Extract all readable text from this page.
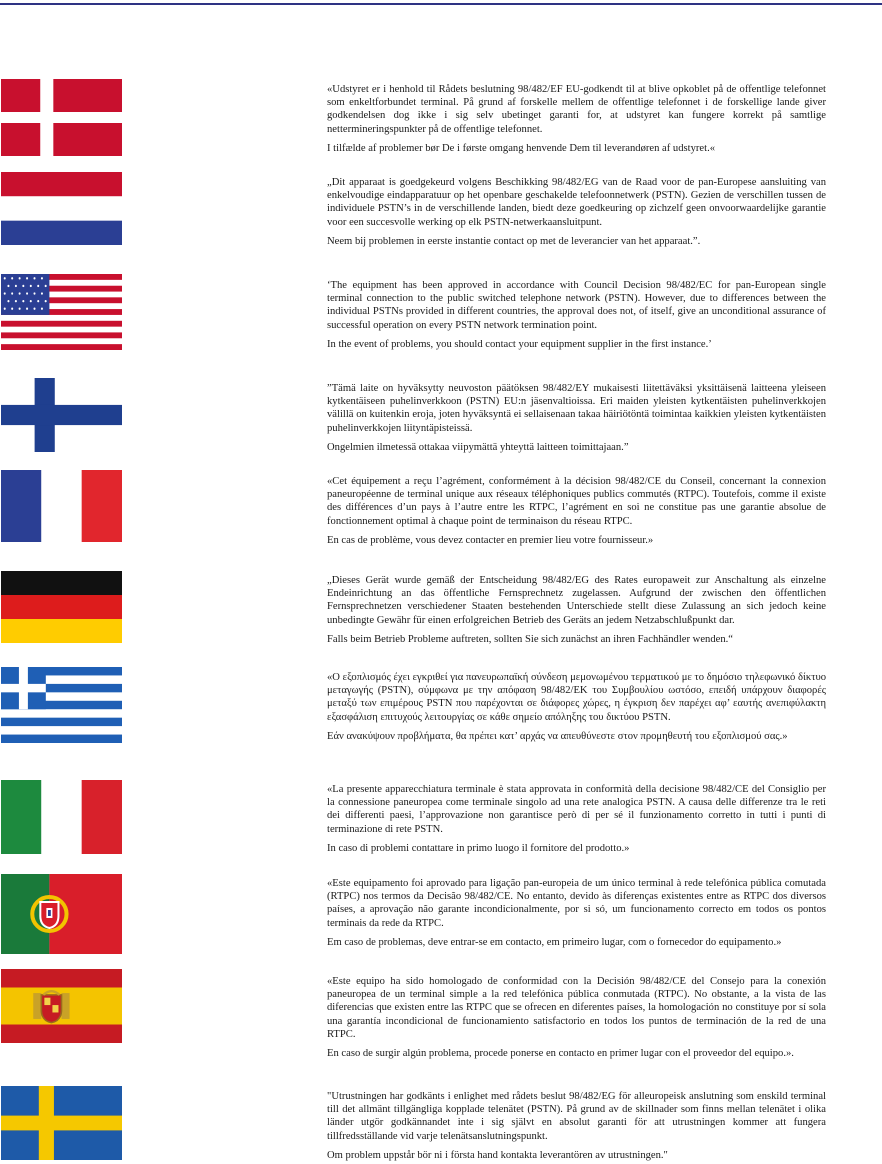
«Udstyret er i henhold til Rådets beslutning 98/482/EF EU-godkendt til at blive opkoblet på de offentlige telefonnet som enkeltforbundet terminal. På grund af forskelle mellem de offentlige telefonnet i de forskellige lande giver godkendelsen dog ikke i sig selv ubetinget garanti for, at udstyret kan fungere korrekt på samtlige nettermineringspunkter på de offentlige telefonnet.

I tilfælde af problemer bør De i første omgang henvende Dem til leverandøren af udstyret.«

„Dit apparaat is goedgekeurd volgens Beschikking 98/482/EG van de Raad voor de pan-Europese aansluiting van enkelvoudige eindapparatuur op het openbare geschakelde telefoonnetwerk (PSTN). Gezien de verschillen tussen de individuele PSTN’s in de verschillende landen, biedt deze goedkeuring op zichzelf geen onvoorwaardelijke garantie voor een succesvolle werking op elk PSTN-netwerkaansluitpunt.

Neem bij problemen in eerste instantie contact op met de leverancier van het apparaat.”.

‘The equipment has been approved in accordance with Council Decision 98/482/EC for pan-European single terminal connection to the public switched telephone network (PSTN). However, due to differences between the individual PSTNs provided in different countries, the approval does not, of itself, give an unconditional assurance of successful operation on every PSTN network termination point.

In the event of problems, you should contact your equipment supplier in the first instance.’

”Tämä laite on hyväksytty neuvoston päätöksen 98/482/EY mukaisesti liitettäväksi yksittäisenä laitteena yleiseen kytkentäiseen puhelinverkkoon (PSTN) EU:n jäsenvaltioissa. Eri maiden yleisten kytkentäisten puhelinverkkojen välillä on kuitenkin eroja, joten hyväksyntä ei sellaisenaan takaa häiriötöntä toimintaa kaikkien yleisten kytkentäisten puhelinverkkojen liityntäpisteissä.

Ongelmien ilmetessä ottakaa viipymättä yhteyttä laitteen toimittajaan.”

«Cet équipement a reçu l’agrément, conformément à la décision 98/482/CE du Conseil, concernant la connexion paneuropéenne de terminal unique aux réseaux téléphoniques publics commutés (RTPC). Toutefois, comme il existe des différences d’un pays à l’autre entre les RTPC, l’agrément en soi ne constitue pas une garantie absolue de fonctionnement optimal à chaque point de terminaison du réseau RTPC.

En cas de problème, vous devez contacter en premier lieu votre fournisseur.»

„Dieses Gerät wurde gemäß der Entscheidung 98/482/EG des Rates europaweit zur Anschaltung als einzelne Endeinrichtung an das öffentliche Fernsprechnetz zugelassen. Aufgrund der zwischen den öffentlichen Fernsprechnetzen verschiedener Staaten bestehenden Unterschiede stellt diese Zulassung an sich jedoch keine unbedingte Gewähr für einen erfolgreichen Betrieb des Geräts an jedem Netzabschlußpunkt dar.

Falls beim Betrieb Probleme auftreten, sollten Sie sich zunächst an ihren Fachhändler wenden.“

«Ο εξοπλισμός έχει εγκριθεί για πανευρωπαϊκή σύνδεση μεμονωμένου τερματικού με το δημόσιο τηλεφωνικό δίκτυο μεταγωγής (PSTN), σύμφωνα με την απόφαση 98/482/ΕΚ του Συμβουλίου ωστόσο, επειδή υπάρχουν διαφορές μεταξύ των επιμέρους PSTN που παρέχονται σε διάφορες χώρες, η έγκριση δεν παρέχει αφ’ εαυτής ανεπιφύλακτη εξασφάλιση επιτυχούς λειτουργίας σε κάθε σημείο απόληξης του δικτύου PSTN.

Εάν ανακύψουν προβλήματα, θα πρέπει κατ’ αρχάς να απευθύνεστε στον προμηθευτή του εξοπλισμού σας.»

«La presente apparecchiatura terminale è stata approvata in conformità della decisione 98/482/CE del Consiglio per la connessione paneuropea come terminale singolo ad una rete analogica PSTN. A causa delle differenze tra le reti dei differenti paesi, l’approvazione non garantisce però di per sé il funzionamento corretto in tutti i punti di terminazione di rete PSTN.

In caso di problemi contattare in primo luogo il fornitore del prodotto.»

«Este equipamento foi aprovado para ligação pan-europeia de um único terminal à rede telefónica pública comutada (RTPC) nos termos da Decisão 98/482/CE. No entanto, devido às diferenças existentes entre as RTPC dos diversos países, a aprovação não garante incondicionalmente, por si só, um funcionamento correcto em todos os pontos terminais da rede da RTPC.

Em caso de problemas, deve entrar-se em contacto, em primeiro lugar, com o fornecedor do equipamento.»

«Este equipo ha sido homologado de conformidad con la Decisión 98/482/CE del Consejo para la conexión paneuropea de un terminal simple a la red telefónica pública conmutada (RTPC). No obstante, a la vista de las diferencias que existen entre las RTPC que se ofrecen en diferentes países, la homologación no constituye por sí sola una garantía incondicional de funcionamiento satisfactorio en todos los puntos de terminación de la red de una RTPC.

En caso de surgir algún problema, procede ponerse en contacto en primer lugar con el proveedor del equipo.».

"Utrustningen har godkänts i enlighet med rådets beslut 98/482/EG för alleuropeisk anslutning som enskild terminal till det allmänt tillgängliga kopplade telenätet (PSTN). På grund av de skillnader som finns mellan telenätet i olika länder utgör godkännandet inte i sig självt en absolut garanti för att utrustningen kommer att fungera tillfredsställande vid varje telenätsanslutningspunkt.

Om problem uppstår bör ni i första hand kontakta leverantören av utrustningen."
